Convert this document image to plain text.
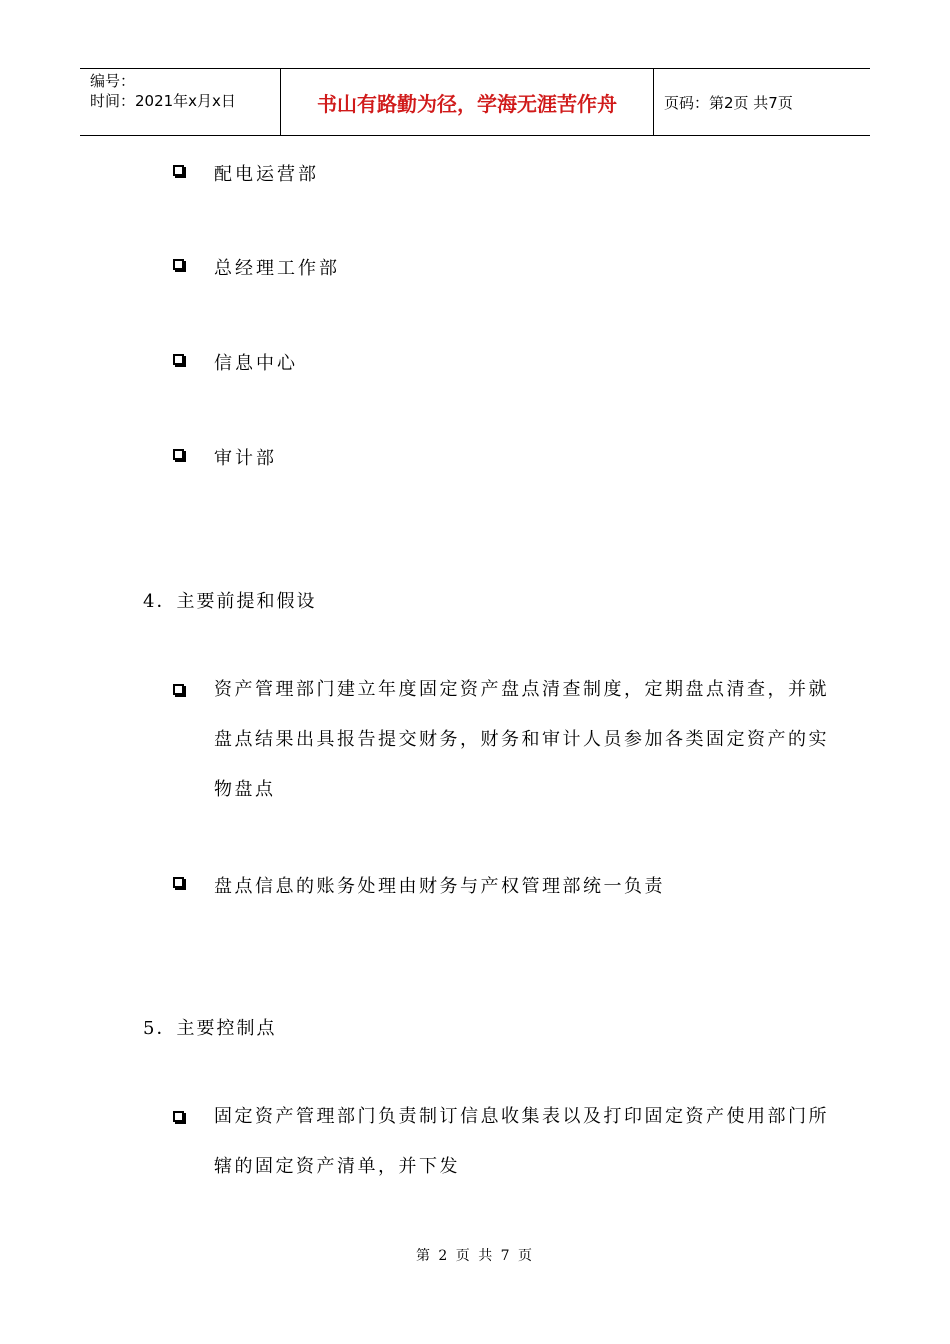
编号：
时间：2021年x月x日	书山有路勤为径，学海无涯苦作舟	页码：第2页 共7页
配电运营部
总经理工作部
信息中心
审计部
4．主要前提和假设
资产管理部门建立年度固定资产盘点清查制度，定期盘点清查，并就
盘点结果出具报告提交财务，财务和审计人员参加各类固定资产的实
物盘点
盘点信息的账务处理由财务与产权管理部统一负责
5．主要控制点
固定资产管理部门负责制订信息收集表以及打印固定资产使用部门所
辖的固定资产清单，并下发
第 2 页 共 7 页
